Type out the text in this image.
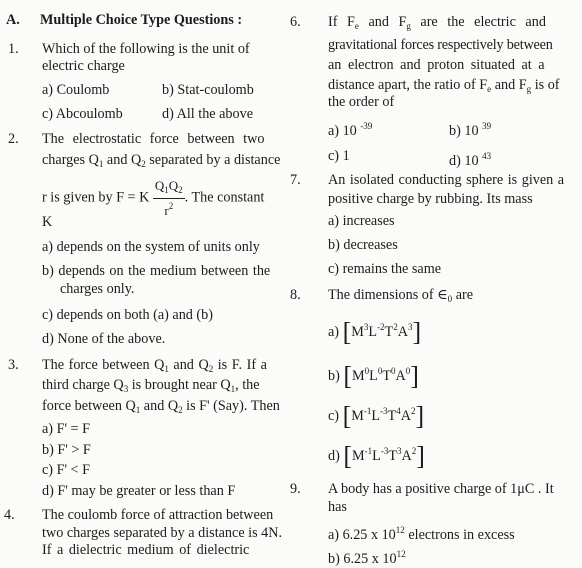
A. Multiple Choice Type Questions :
1. Which of the following is the unit of
electric charge
a) Coulomb	b) Stat-coulomb
c) Abcoulomb	d) All the above
2. The electrostatic force between two
charges $Q_1$ and $Q_2$ separated by a distance
r is given by F = K $\frac{Q_1Q_2}{r^2}$ . The constant
K
a) depends on the system of units only
b) depends on the medium between the
charges only.
c) depends on both (a) and (b)
d) None of the above.
3. The force between $Q_1$ and $Q_2$ is F. If a
third charge $Q_3$ is brought near $Q_1$, the
force between $Q_1$ and $Q_2$ is F' (Say). Then
a) F' = F
b) F' > F
c) F' < F
d) F' may be greater or less than F
4. The coulomb force of attraction between
two charges separated by a distance is 4N.
If a dielectric medium of dielectric
6. If $F_e$ and $F_g$ are the electric and
gravitational forces respectively between
an electron and proton situated at a
distance apart, the ratio of $F_e$ and $F_g$ is of
the order of
a) 10 $^{-39}$	b) 10 $^{39}$
c) 1	d) 10 $^{43}$
7. An isolated conducting sphere is given a
positive charge by rubbing. Its mass
a) increases
b) decreases
c) remains the same
8. The dimensions of $\in_0$ are
a) $[M^3L^{-2}T^2A^3]$
b) $[M^0L^0T^0A^0]$
c) $[M^{-1}L^{-3}T^4A^2]$
d) $[M^{-1}L^{-3}T^3A^2]$
9. A body has a positive charge of 1μC . It
has
a) 6.25 x $10^{12}$ electrons in excess
b) 6.25 x $10^{12}$
